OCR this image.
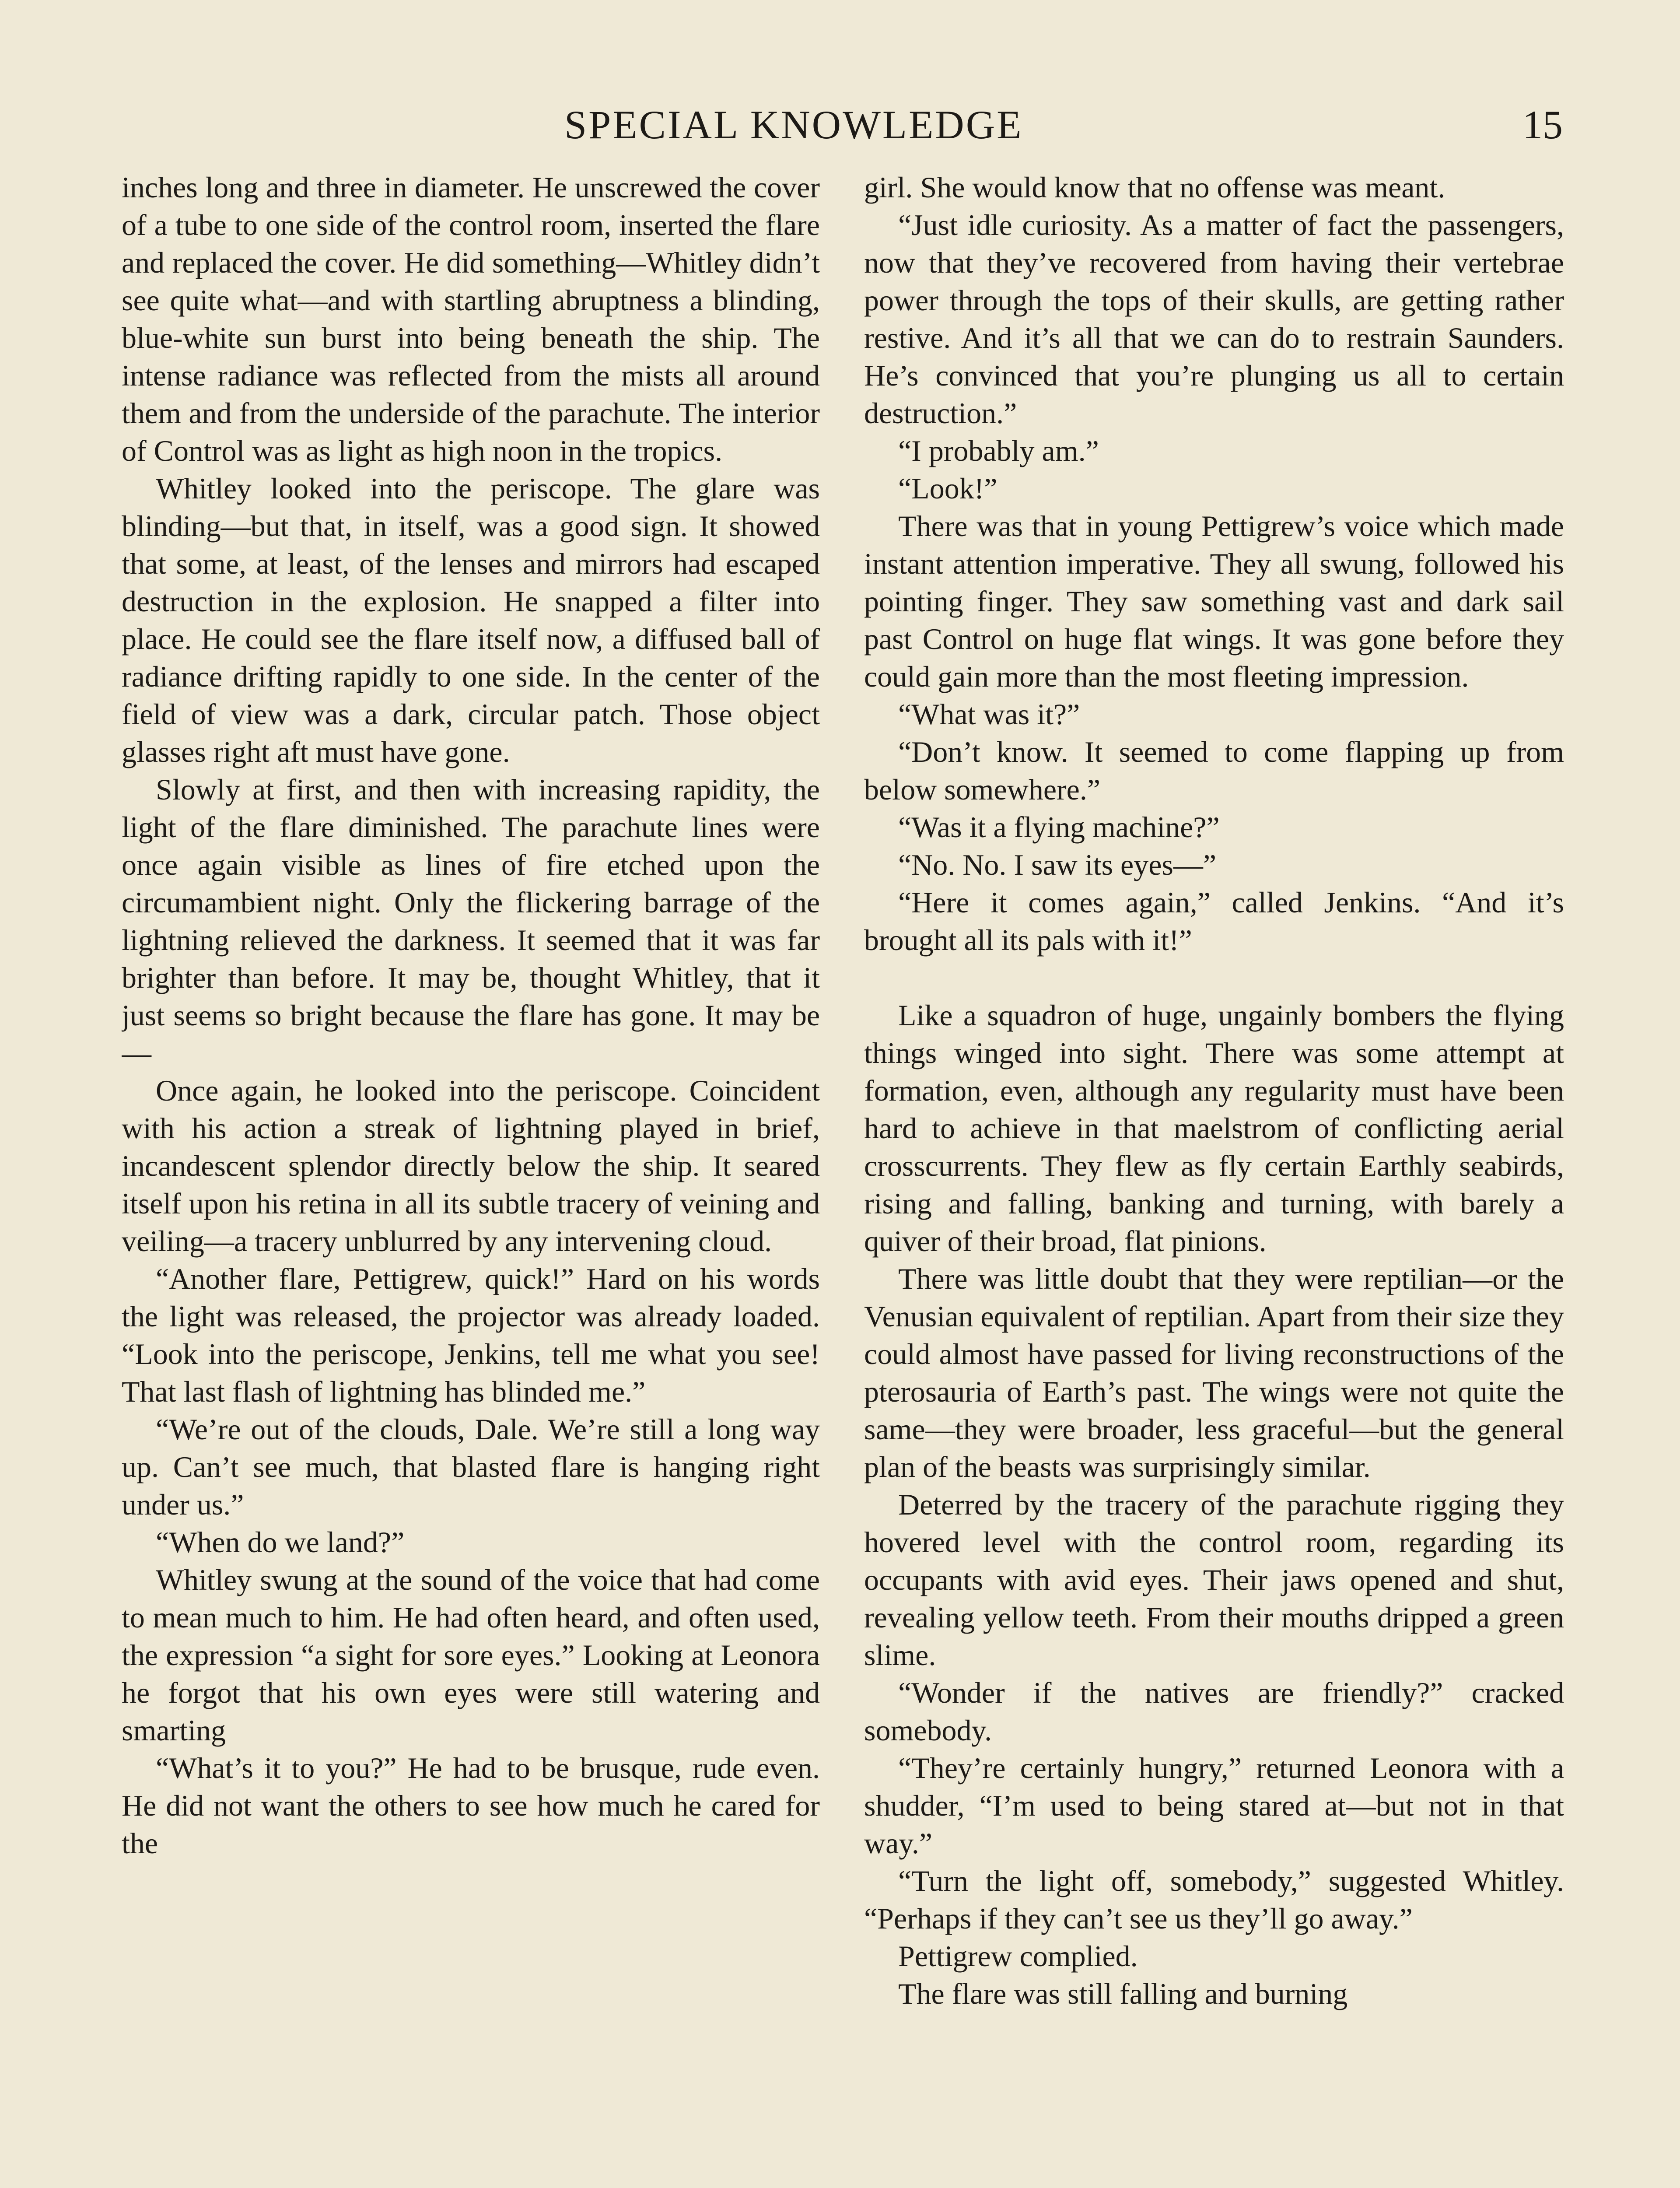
SPECIAL KNOWLEDGE	15

inches long and three in diameter. He unscrewed the cover of a tube to one side of the control room, inserted the flare and replaced the cover. He did something—Whitley didn’t see quite what—and with startling abruptness a blinding, blue-white sun burst into being beneath the ship. The intense radiance was reflected from the mists all around them and from the underside of the parachute. The interior of Control was as light as high noon in the tropics.

Whitley looked into the periscope. The glare was blinding—but that, in itself, was a good sign. It showed that some, at least, of the lenses and mirrors had escaped destruction in the explosion. He snapped a filter into place. He could see the flare itself now, a diffused ball of radiance drifting rapidly to one side. In the center of the field of view was a dark, circular patch. Those object glasses right aft must have gone.

Slowly at first, and then with increasing rapidity, the light of the flare diminished. The parachute lines were once again visible as lines of fire etched upon the circumambient night. Only the flickering barrage of the lightning relieved the darkness. It seemed that it was far brighter than before. It may be, thought Whitley, that it just seems so bright because the flare has gone. It may be—

Once again, he looked into the periscope. Coincident with his action a streak of lightning played in brief, incandescent splendor directly below the ship. It seared itself upon his retina in all its subtle tracery of veining and veiling—a tracery unblurred by any intervening cloud.

“Another flare, Pettigrew, quick!” Hard on his words the light was released, the projector was already loaded. “Look into the periscope, Jenkins, tell me what you see! That last flash of lightning has blinded me.”

“We’re out of the clouds, Dale. We’re still a long way up. Can’t see much, that blasted flare is hanging right under us.”

“When do we land?”

Whitley swung at the sound of the voice that had come to mean much to him. He had often heard, and often used, the expression “a sight for sore eyes.” Looking at Leonora he forgot that his own eyes were still watering and smarting

“What’s it to you?” He had to be brusque, rude even. He did not want the others to see how much he cared for the

girl. She would know that no offense was meant.

“Just idle curiosity. As a matter of fact the passengers, now that they’ve recovered from having their vertebrae power through the tops of their skulls, are getting rather restive. And it’s all that we can do to restrain Saunders. He’s convinced that you’re plunging us all to certain destruction.”

“I probably am.”

“Look!”

There was that in young Pettigrew’s voice which made instant attention imperative. They all swung, followed his pointing finger. They saw something vast and dark sail past Control on huge flat wings. It was gone before they could gain more than the most fleeting impression.

“What was it?”

“Don’t know. It seemed to come flapping up from below somewhere.”

“Was it a flying machine?”

“No. No. I saw its eyes—”

“Here it comes again,” called Jenkins. “And it’s brought all its pals with it!”

Like a squadron of huge, ungainly bombers the flying things winged into sight. There was some attempt at formation, even, although any regularity must have been hard to achieve in that maelstrom of conflicting aerial crosscurrents. They flew as fly certain Earthly seabirds, rising and falling, banking and turning, with barely a quiver of their broad, flat pinions.

There was little doubt that they were reptilian—or the Venusian equivalent of reptilian. Apart from their size they could almost have passed for living reconstructions of the pterosauria of Earth’s past. The wings were not quite the same—they were broader, less graceful—but the general plan of the beasts was surprisingly similar.

Deterred by the tracery of the parachute rigging they hovered level with the control room, regarding its occupants with avid eyes. Their jaws opened and shut, revealing yellow teeth. From their mouths dripped a green slime.

“Wonder if the natives are friendly?” cracked somebody.

“They’re certainly hungry,” returned Leonora with a shudder, “I’m used to being stared at—but not in that way.”

“Turn the light off, somebody,” suggested Whitley. “Perhaps if they can’t see us they’ll go away.”

Pettigrew complied.

The flare was still falling and burning
